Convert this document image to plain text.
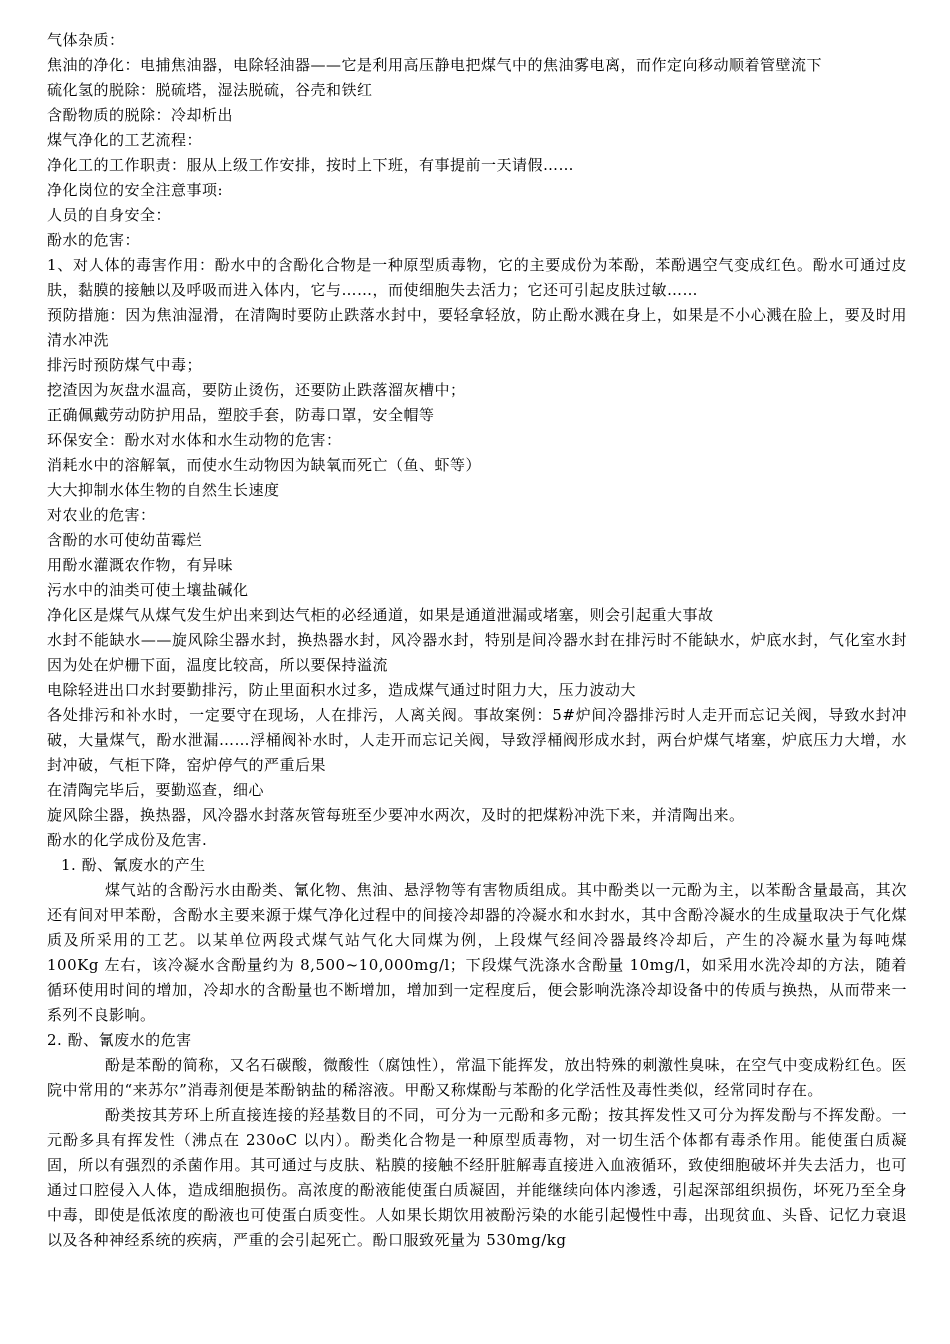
气体杂质：

焦油的净化：电捕焦油器，电除轻油器——它是利用高压静电把煤气中的焦油雾电离，而作定向移动顺着管壁流下

硫化氢的脱除：脱硫塔，湿法脱硫，谷壳和铁红

含酚物质的脱除：冷却析出

煤气净化的工艺流程：

净化工的工作职责：服从上级工作安排，按时上下班，有事提前一天请假……

净化岗位的安全注意事项:

人员的自身安全：

酚水的危害：

1、对人体的毒害作用：酚水中的含酚化合物是一种原型质毒物，它的主要成份为苯酚，苯酚遇空气变成红色。酚水可通过皮肤，黏膜的接触以及呼吸而进入体内，它与……，而使细胞失去活力；它还可引起皮肤过敏……

预防措施：因为焦油湿滑，在清陶时要防止跌落水封中，要轻拿轻放，防止酚水溅在身上，如果是不小心溅在脸上，要及时用清水冲洗

排污时预防煤气中毒；

挖渣因为灰盘水温高，要防止烫伤，还要防止跌落溜灰槽中；

正确佩戴劳动防护用品，塑胶手套，防毒口罩，安全帽等

环保安全：酚水对水体和水生动物的危害：

消耗水中的溶解氧，而使水生动物因为缺氧而死亡（鱼、虾等）

大大抑制水体生物的自然生长速度

对农业的危害：

含酚的水可使幼苗霉烂

用酚水灌溉农作物，有异味

污水中的油类可使土壤盐碱化

净化区是煤气从煤气发生炉出来到达气柜的必经通道，如果是通道泄漏或堵塞，则会引起重大事故

水封不能缺水——旋风除尘器水封，换热器水封，风冷器水封，特别是间冷器水封在排污时不能缺水，炉底水封，气化室水封因为处在炉栅下面，温度比较高，所以要保持溢流

电除轻进出口水封要勤排污，防止里面积水过多，造成煤气通过时阻力大，压力波动大

各处排污和补水时，一定要守在现场，人在排污，人离关阀。事故案例：5#炉间冷器排污时人走开而忘记关阀，导致水封冲破，大量煤气，酚水泄漏……浮桶阀补水时，人走开而忘记关阀，导致浮桶阀形成水封，两台炉煤气堵塞，炉底压力大增，水封冲破，气柜下降，窑炉停气的严重后果

在清陶完毕后，要勤巡查，细心

旋风除尘器，换热器，风冷器水封落灰管每班至少要冲水两次，及时的把煤粉冲洗下来，并清陶出来。

酚水的化学成份及危害.

1. 酚、氰废水的产生

煤气站的含酚污水由酚类、氰化物、焦油、悬浮物等有害物质组成。其中酚类以一元酚为主，以苯酚含量最高，其次还有间对甲苯酚，含酚水主要来源于煤气净化过程中的间接冷却器的冷凝水和水封水，其中含酚冷凝水的生成量取决于气化煤质及所采用的工艺。以某单位两段式煤气站气化大同煤为例，上段煤气经间冷器最终冷却后，产生的冷凝水量为每吨煤 100Kg 左右，该冷凝水含酚量约为 8,500~10,000mg/l；下段煤气洗涤水含酚量 10mg/l，如采用水洗冷却的方法，随着循环使用时间的增加，冷却水的含酚量也不断增加，增加到一定程度后，便会影响洗涤冷却设备中的传质与换热，从而带来一系列不良影响。

2. 酚、氰废水的危害

酚是苯酚的简称，又名石碳酸，微酸性（腐蚀性），常温下能挥发，放出特殊的刺激性臭味，在空气中变成粉红色。医院中常用的“来苏尔”消毒剂便是苯酚钠盐的稀溶液。甲酚又称煤酚与苯酚的化学活性及毒性类似，经常同时存在。

酚类按其芳环上所直接连接的羟基数目的不同，可分为一元酚和多元酚；按其挥发性又可分为挥发酚与不挥发酚。一元酚多具有挥发性（沸点在 230oC 以内）。酚类化合物是一种原型质毒物，对一切生活个体都有毒杀作用。能使蛋白质凝固，所以有强烈的杀菌作用。其可通过与皮肤、粘膜的接触不经肝脏解毒直接进入血液循环，致使细胞破坏并失去活力，也可通过口腔侵入人体，造成细胞损伤。高浓度的酚液能使蛋白质凝固，并能继续向体内渗透，引起深部组织损伤，坏死乃至全身中毒，即使是低浓度的酚液也可使蛋白质变性。人如果长期饮用被酚污染的水能引起慢性中毒，出现贫血、头昏、记忆力衰退以及各种神经系统的疾病，严重的会引起死亡。酚口服致死量为 530mg/kg
